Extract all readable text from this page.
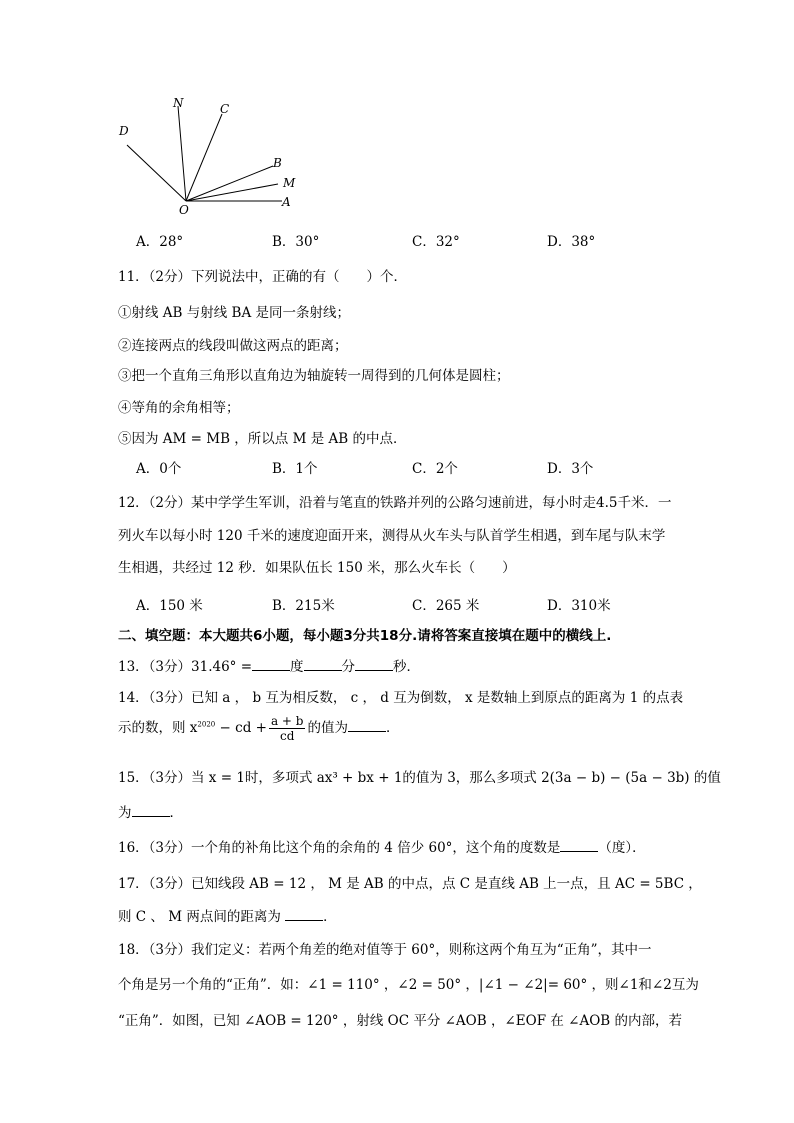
N	C
D
B
M
A
O
A．28°	B．30°	C．32°	D．38°
11．（2分）下列说法中，正确的有（　　）个．
①射线 AB 与射线 BA 是同一条射线；
②连接两点的线段叫做这两点的距离；
③把一个直角三角形以直角边为轴旋转一周得到的几何体是圆柱；
④等角的余角相等；
⑤因为 AM = MB ，所以点 M 是 AB 的中点．
A．0个	B．1个	C．2个	D．3个
12．（2分）某中学学生军训，沿着与笔直的铁路并列的公路匀速前进，每小时走4.5千米．一
列火车以每小时 120 千米的速度迎面开来，测得从火车头与队首学生相遇，到车尾与队末学
生相遇，共经过 12 秒．如果队伍长 150 米，那么火车长（　　）
A．150 米	B．215米	C．265 米	D．310米
二、填空题：本大题共6小题，每小题3分共18分.请将答案直接填在题中的横线上.
13．（3分）31.46° =	度	分	秒．
14．（3分）已知 a ， b 互为相反数， c ， d 互为倒数， x 是数轴上到原点的距离为 1 的点表
示的数，则 $x^{2020}$ − cd + $\frac{a + b}{cd}$ 的值为	．
15．（3分）当 x = 1时，多项式 ax³ + bx + 1的值为 3，那么多项式 2(3a − b) − (5a − 3b) 的值
为	．
16．（3分）一个角的补角比这个角的余角的 4 倍少 60°，这个角的度数是	（度）．
17．（3分）已知线段 AB = 12 ， M 是 AB 的中点，点 C 是直线 AB 上一点，且 AC = 5BC ，
则 C 、 M 两点间的距离为	．
18．（3分）我们定义：若两个角差的绝对值等于 60°，则称这两个角互为“正角”，其中一
个角是另一个角的“正角”．如：∠1 = 110° ，∠2 = 50° ，|∠1 − ∠2|= 60° ，则∠1和∠2互为
“正角”．如图，已知 ∠AOB = 120° ，射线 OC 平分 ∠AOB ，∠EOF 在 ∠AOB 的内部，若
